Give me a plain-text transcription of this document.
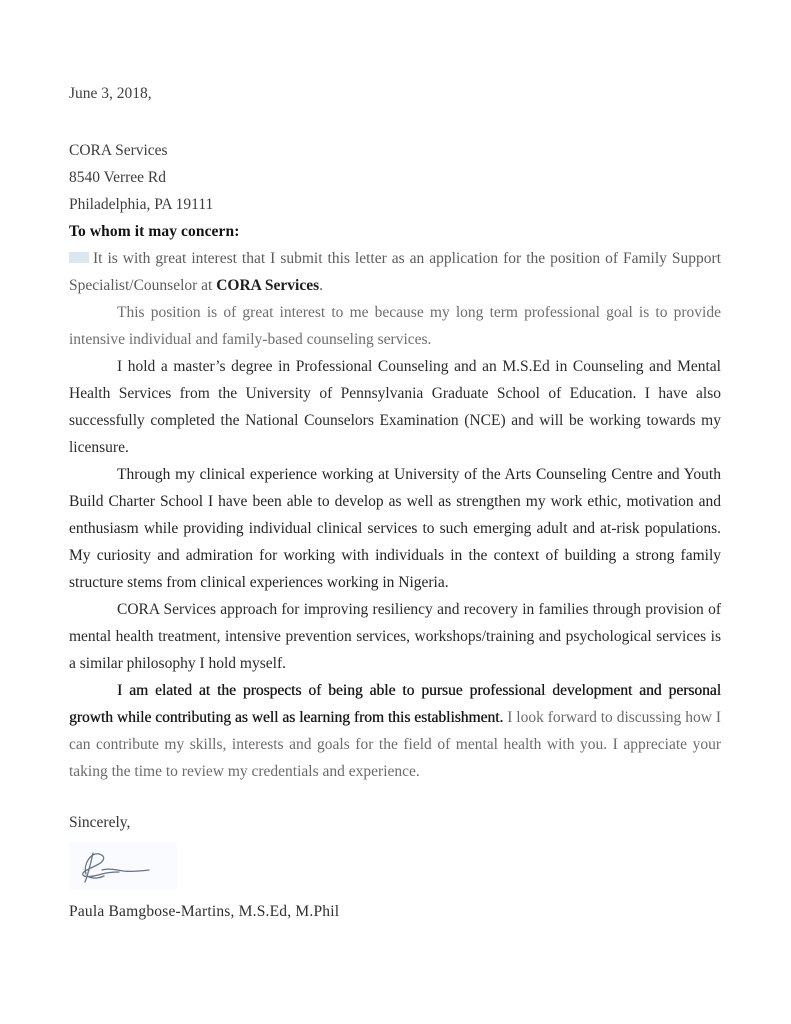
June 3, 2018,

CORA Services

8540 Verree Rd

Philadelphia, PA 19111

To whom it may concern:

It is with great interest that I submit this letter as an application for the position of Family Support Specialist/Counselor at CORA Services.

This position is of great interest to me because my long term professional goal is to provide intensive individual and family-based counseling services.

I hold a master’s degree in Professional Counseling and an M.S.Ed in Counseling and Mental Health Services from the University of Pennsylvania Graduate School of Education. I have also successfully completed the National Counselors Examination (NCE) and will be working towards my licensure.

Through my clinical experience working at University of the Arts Counseling Centre and Youth Build Charter School I have been able to develop as well as strengthen my work ethic, motivation and enthusiasm while providing individual clinical services to such emerging adult and at-risk populations. My curiosity and admiration for working with individuals in the context of building a strong family structure stems from clinical experiences working in Nigeria.

CORA Services approach for improving resiliency and recovery in families through provision of mental health treatment, intensive prevention services, workshops/training and psychological services is a similar philosophy I hold myself.

I am elated at the prospects of being able to pursue professional development and personal growth while contributing as well as learning from this establishment. I look forward to discussing how I can contribute my skills, interests and goals for the field of mental health with you. I appreciate your taking the time to review my credentials and experience.

Sincerely,

Paula Bamgbose-Martins, M.S.Ed, M.Phil
